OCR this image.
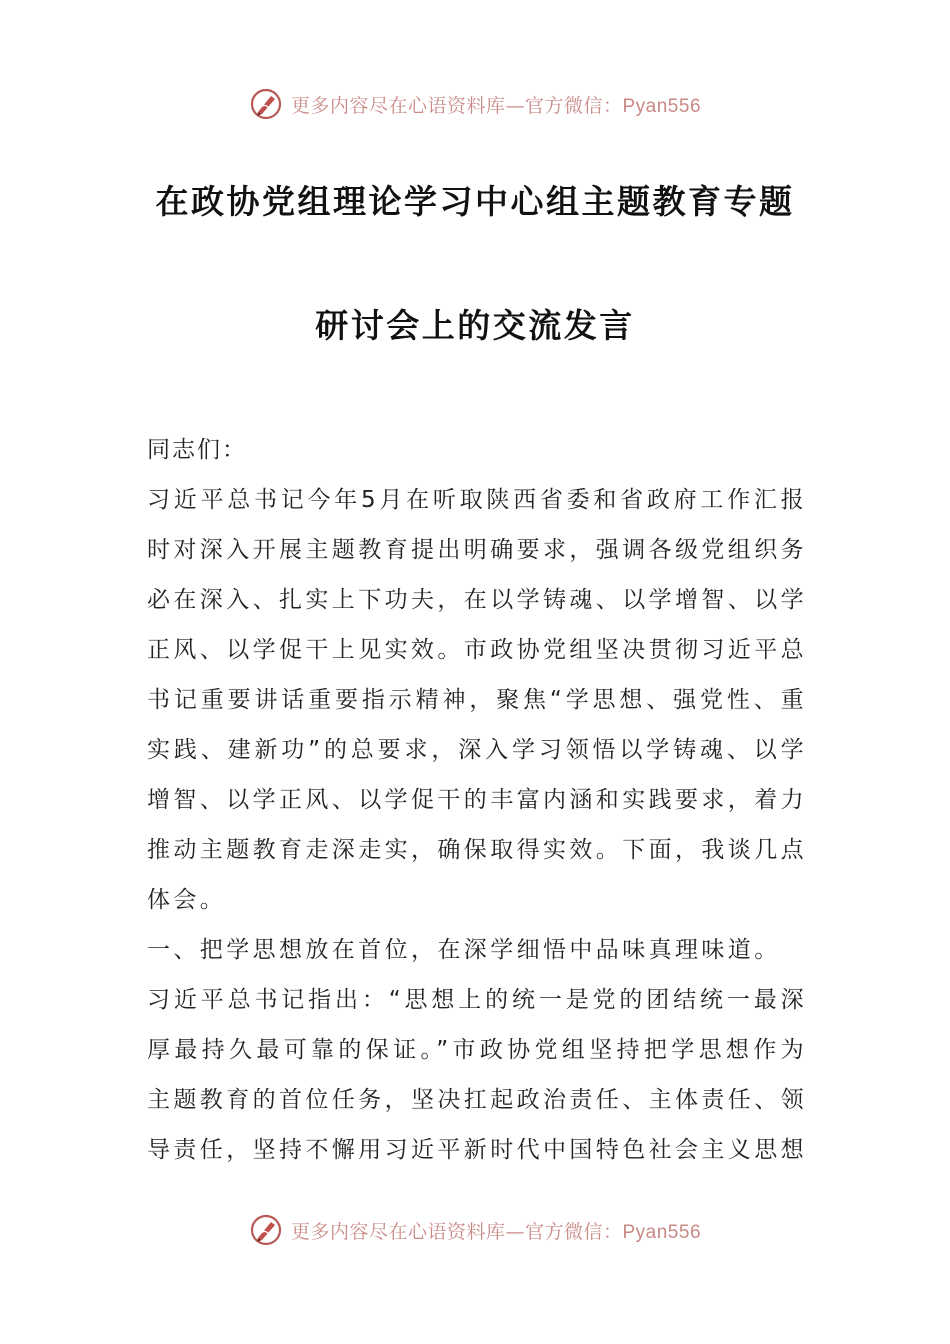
更多内容尽在心语资料库—官方微信：Pyan556
在政协党组理论学习中心组主题教育专题
研讨会上的交流发言

同志们：

习近平总书记今年5月在听取陕西省委和省政府工作汇报时对深入开展主题教育提出明确要求，强调各级党组织务必在深入、扎实上下功夫，在以学铸魂、以学增智、以学正风、以学促干上见实效。市政协党组坚决贯彻习近平总书记重要讲话重要指示精神，聚焦“学思想、强党性、重实践、建新功”的总要求，深入学习领悟以学铸魂、以学增智、以学正风、以学促干的丰富内涵和实践要求，着力推动主题教育走深走实，确保取得实效。下面，我谈几点体会。

一、把学思想放在首位，在深学细悟中品味真理味道。

习近平总书记指出：“思想上的统一是党的团结统一最深厚最持久最可靠的保证。”市政协党组坚持把学思想作为主题教育的首位任务，坚决扛起政治责任、主体责任、领导责任，坚持不懈用习近平新时代中国特色社会主义思想

更多内容尽在心语资料库—官方微信：Pyan556
